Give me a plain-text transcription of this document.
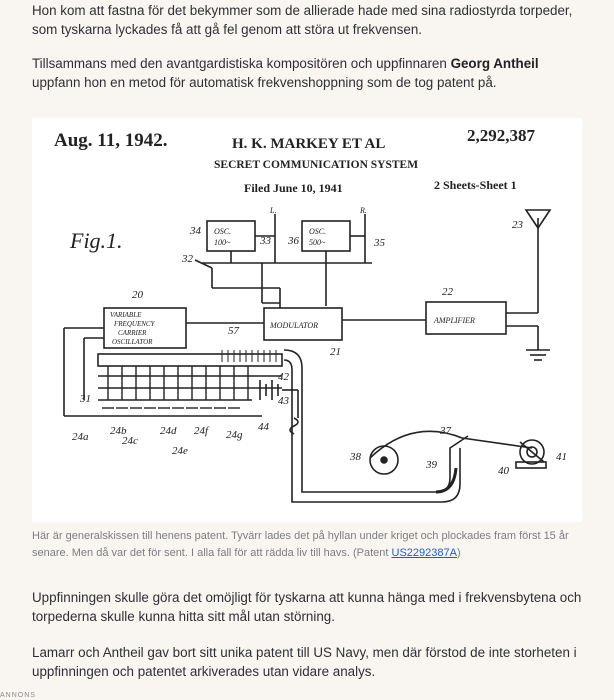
Hon kom att fastna för det bekymmer som de allierade hade med sina radiostyrda torpeder, som tyskarna lyckades få att gå fel genom att störa ut frekvensen.

Tillsammans med den avantgardistiska kompositören och uppfinnaren Georg Antheil uppfann hon en metod för automatisk frekvenshoppning som de tog patent på.

Aug. 11, 1942.	H. K. MARKEY ET AL	2,292,387
SECRET COMMUNICATION SYSTEM
Filed June 10, 1941	2 Sheets-Sheet 1
Fig.1.	OSC.
100~
OSC.
500~
VARIABLE
FREQUENCY
CARRIER
OSCILLATOR
MODULATOR
AMPLIFIER
L.	R.
20
21
22
23
31
32
33
34
35
36
37
38
39	40
41
42
43
44
57
24a 24b
24c
24d 24f 24g
24e

Här är generalskissen till henens patent. Tyvärr lades det på hyllan under kriget och plockades fram först 15 år senare. Men då var det för sent. I alla fall för att rädda liv till havs. (Patent US2292387A)

Uppfinningen skulle göra det omöjligt för tyskarna att kunna hänga med i frekvensbytena och torpederna skulle kunna hitta sitt mål utan störning.

Lamarr och Antheil gav bort sitt unika patent till US Navy, men där förstod de inte storheten i uppfinningen och patentet arkiverades utan vidare analys.

ANNONS
